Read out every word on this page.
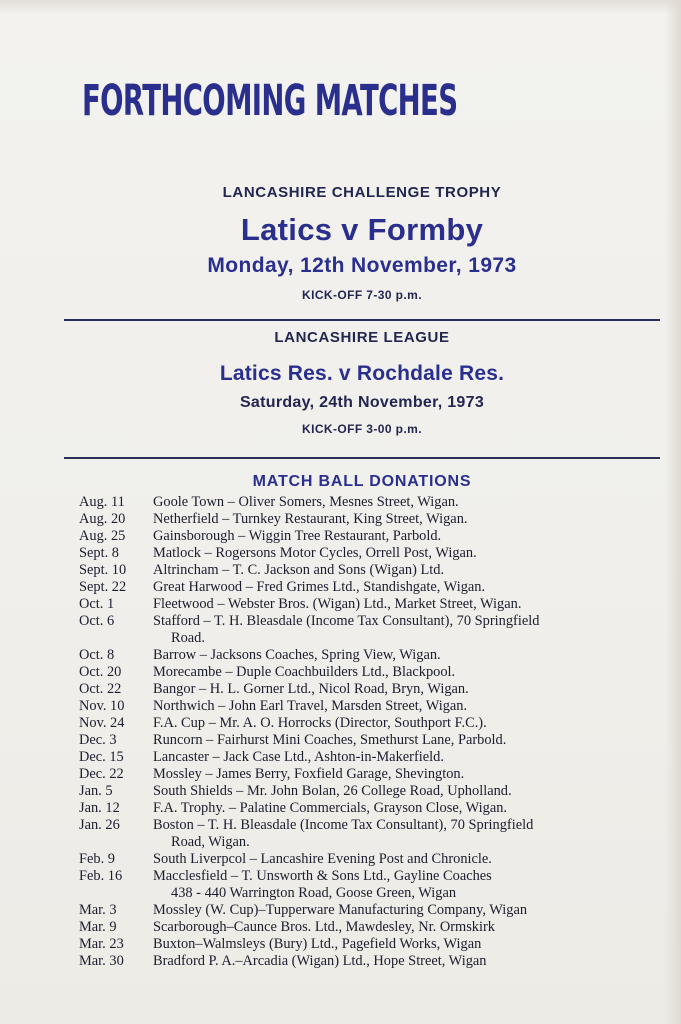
FORTHCOMING MATCHES
LANCASHIRE CHALLENGE TROPHY
Latics v Formby
Monday, 12th November, 1973
KICK-OFF 7-30 p.m.
LANCASHIRE LEAGUE
Latics Res. v Rochdale Res.
Saturday, 24th November, 1973
KICK-OFF 3-00 p.m.
MATCH BALL DONATIONS
Aug. 11 Goole Town – Oliver Somers, Mesnes Street, Wigan.
Aug. 20 Netherfield – Turnkey Restaurant, King Street, Wigan.
Aug. 25 Gainsborough – Wiggin Tree Restaurant, Parbold.
Sept. 8 Matlock – Rogersons Motor Cycles, Orrell Post, Wigan.
Sept. 10 Altrincham – T. C. Jackson and Sons (Wigan) Ltd.
Sept. 22 Great Harwood – Fred Grimes Ltd., Standishgate, Wigan.
Oct. 1	Fleetwood – Webster Bros. (Wigan) Ltd., Market Street, Wigan.
Oct. 6	Stafford – T. H. Bleasdale (Income Tax Consultant), 70 Springfield
Road.
Oct. 8	Barrow – Jacksons Coaches, Spring View, Wigan.
Oct. 20 Morecambe – Duple Coachbuilders Ltd., Blackpool.
Oct. 22 Bangor – H. L. Gorner Ltd., Nicol Road, Bryn, Wigan.
Nov. 10 Northwich – John Earl Travel, Marsden Street, Wigan.
Nov. 24 F.A. Cup – Mr. A. O. Horrocks (Director, Southport F.C.).
Dec. 3	Runcorn – Fairhurst Mini Coaches, Smethurst Lane, Parbold.
Dec. 15 Lancaster – Jack Case Ltd., Ashton-in-Makerfield.
Dec. 22 Mossley – James Berry, Foxfield Garage, Shevington.
Jan. 5	South Shields – Mr. John Bolan, 26 College Road, Upholland.
Jan. 12 F.A. Trophy. – Palatine Commercials, Grayson Close, Wigan.
Jan. 26 Boston – T. H. Bleasdale (Income Tax Consultant), 70 Springfield
Road, Wigan.
Feb. 9	South Liverpcol – Lancashire Evening Post and Chronicle.
Feb. 16 Macclesfield – T. Unsworth & Sons Ltd., Gayline Coaches
438 - 440 Warrington Road, Goose Green, Wigan
Mar. 3	Mossley (W. Cup)–Tupperware Manufacturing Company, Wigan
Mar. 9	Scarborough–Caunce Bros. Ltd., Mawdesley, Nr. Ormskirk
Mar. 23 Buxton–Walmsleys (Bury) Ltd., Pagefield Works, Wigan
Mar. 30 Bradford P. A.–Arcadia (Wigan) Ltd., Hope Street, Wigan
